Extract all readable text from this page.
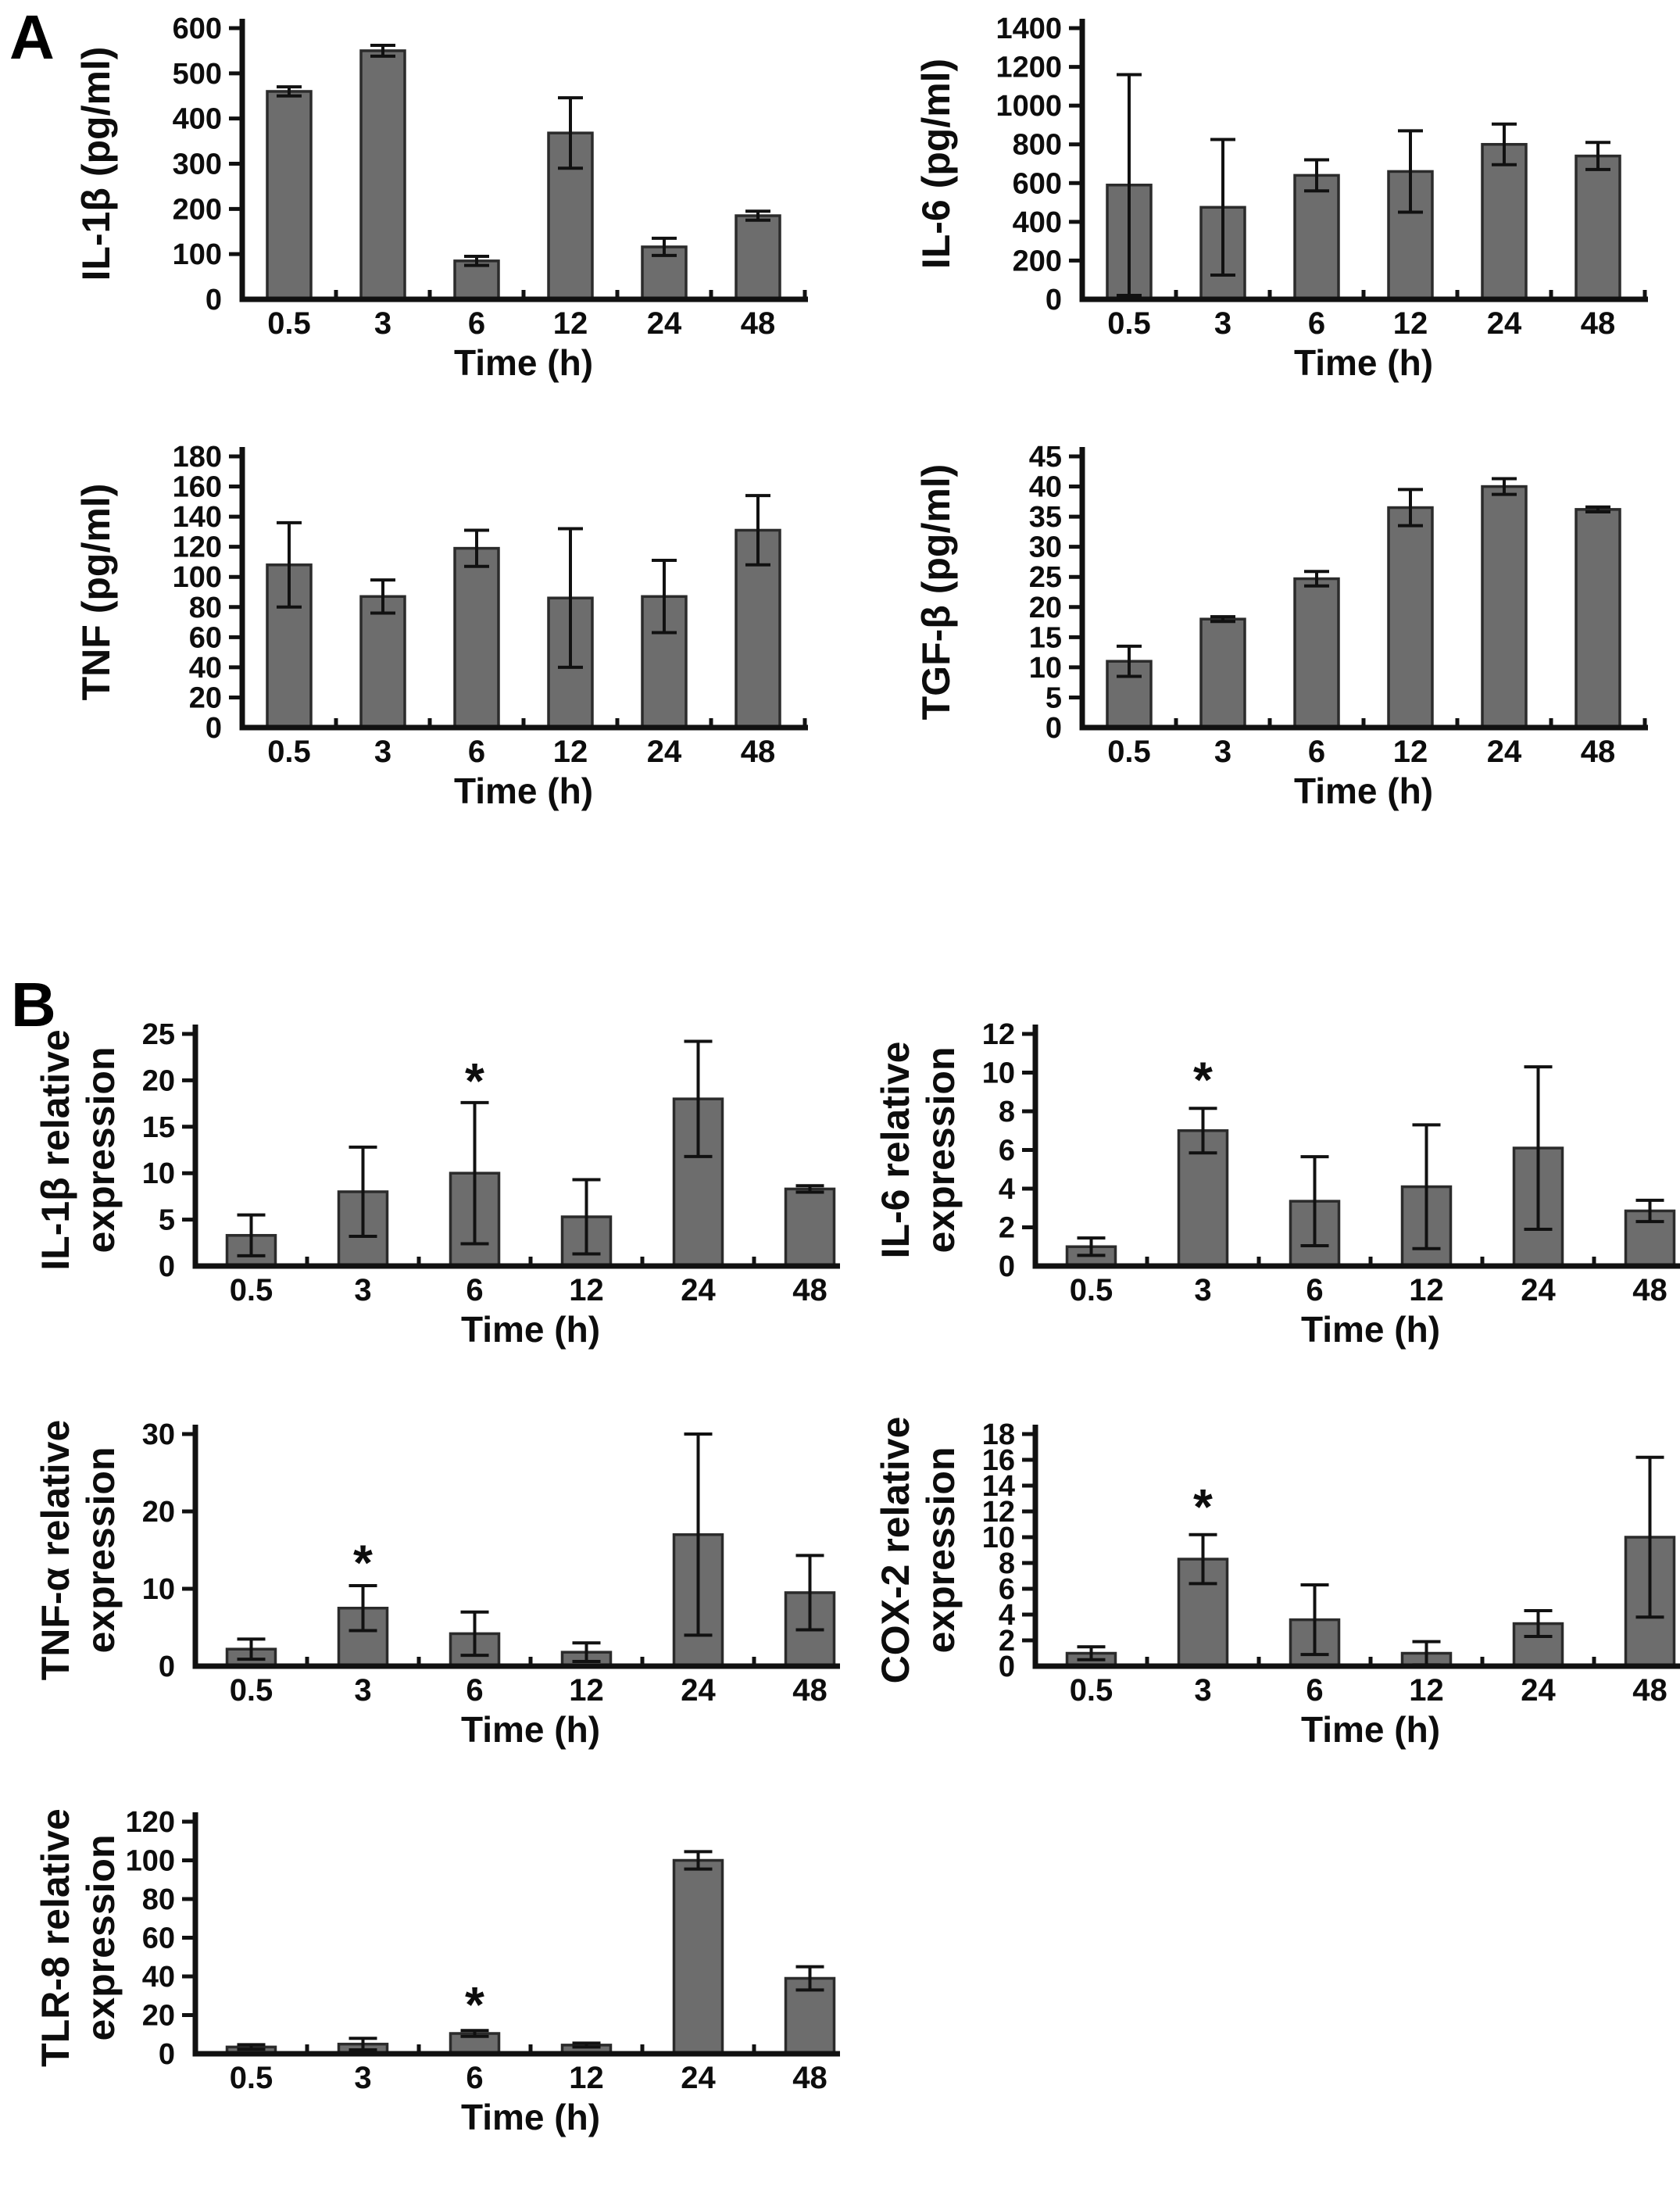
A
B
0
100
200
300
400
500
600
0.5 3 6 12 24 48
Time (h)
IL-1β (pg/ml)
0
200
400
600
800
1000
1200
1400
0.5 3 6 12 24 48
Time (h)
IL-6 (pg/ml)
0
20
40
60
80
100
120
140
160
180
0.5 3 6 12 24 48
Time (h)
TNF (pg/ml)
0
5
10
15
20
25
30
35
40
45
0.5 3 6 12 24 48
Time (h)
TGF-β (pg/ml)
0
5
10
15
20
25
0.5	3	6	12 24 48
Time (h)
IL-1β relative expression	*
0
2
4
6
8
10
12
0.5	3	6	12 24 48
Time (h)
IL-6 relative expression	*
0
10
20
30
0.5	3	6	12 24 48
Time (h)
TNF-α relative expression	*
0
2
4
6
8
10
12
14
16
18
0.5	3	6	12 24 48
Time (h)
COX-2 relative expression	*
0
20
40
60
80
100
120
0.5	3	6	12 24 48
Time (h)
TLR-8 relative expression	*
